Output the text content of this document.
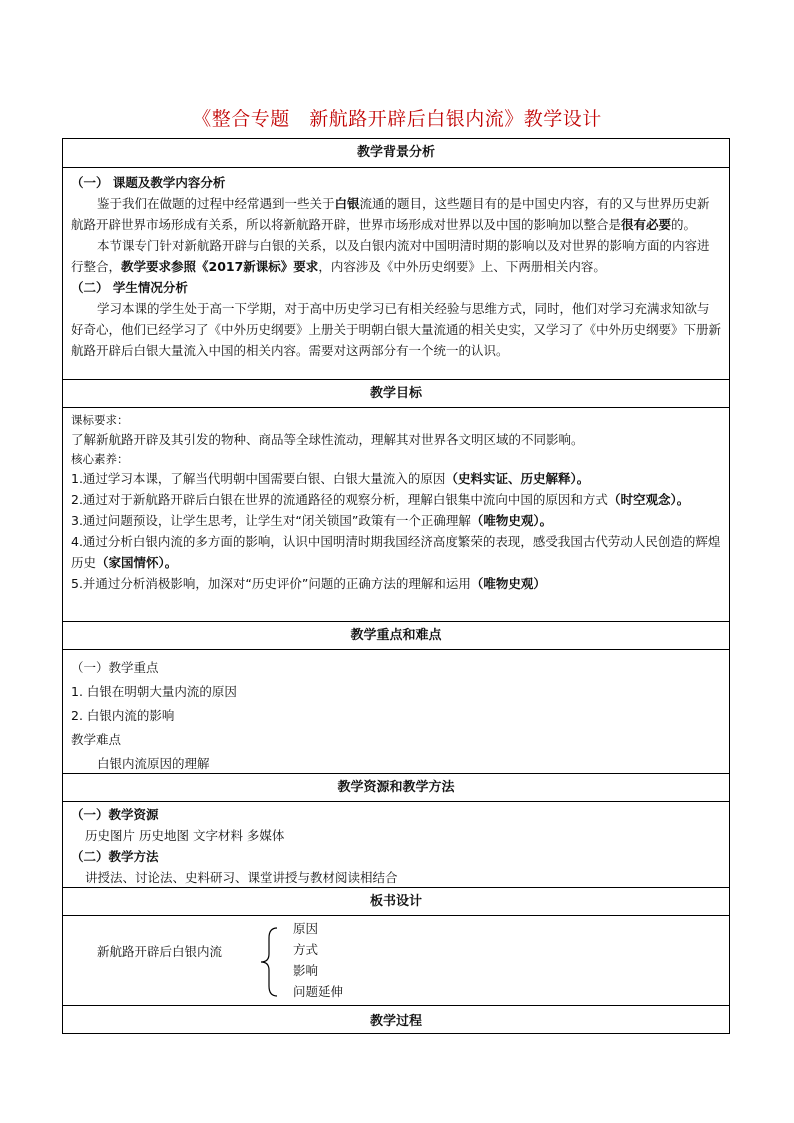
《整合专题　新航路开辟后白银内流》教学设计
教学背景分析

（一） 课题及教学内容分析

鉴于我们在做题的过程中经常遇到一些关于白银流通的题目，这些题目有的是中国史内容，有的又与世界历史新航路开辟世界市场形成有关系，所以将新航路开辟，世界市场形成对世界以及中国的影响加以整合是很有必要的。

本节课专门针对新航路开辟与白银的关系，以及白银内流对中国明清时期的影响以及对世界的影响方面的内容进行整合，教学要求参照《2017新课标》要求，内容涉及《中外历史纲要》上、下两册相关内容。

（二） 学生情况分析

学习本课的学生处于高一下学期，对于高中历史学习已有相关经验与思维方式，同时，他们对学习充满求知欲与好奇心，他们已经学习了《中外历史纲要》上册关于明朝白银大量流通的相关史实，又学习了《中外历史纲要》下册新航路开辟后白银大量流入中国的相关内容。需要对这两部分有一个统一的认识。

教学目标

课标要求：

了解新航路开辟及其引发的物种、商品等全球性流动，理解其对世界各文明区域的不同影响。

核心素养：

1.通过学习本课，了解当代明朝中国需要白银、白银大量流入的原因（史料实证、历史解释）。

2.通过对于新航路开辟后白银在世界的流通路径的观察分析，理解白银集中流向中国的原因和方式（时空观念）。

3.通过问题预设，让学生思考，让学生对“闭关锁国”政策有一个正确理解（唯物史观）。

4.通过分析白银内流的多方面的影响，认识中国明清时期我国经济高度繁荣的表现，感受我国古代劳动人民创造的辉煌历史（家国情怀）。

5.并通过分析消极影响，加深对“历史评价”问题的正确方法的理解和运用（唯物史观）

教学重点和难点

（一）教学重点

1. 白银在明朝大量内流的原因

2. 白银内流的影响

教学难点

白银内流原因的理解

教学资源和教学方法

（一）教学资源

历史图片 历史地图 文字材料 多媒体

（二）教学方法

讲授法、讨论法、史料研习、课堂讲授与教材阅读相结合

板书设计
新航路开辟后白银内流
原因
方式
影响
问题延伸
教学过程
